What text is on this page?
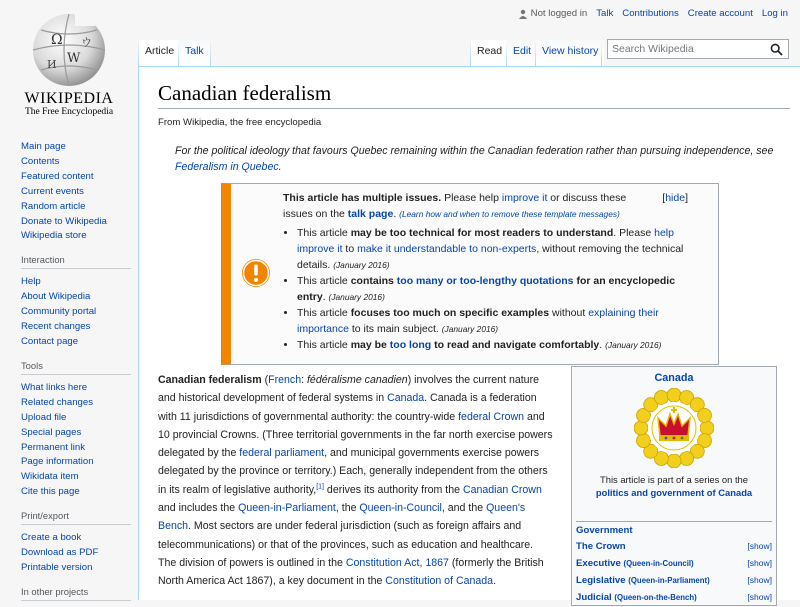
Ω
W
И
ウ
WIKIPEDIA
The Free Encyclopedia
Not logged in Talk Contributions Create account Log in
Article	Talk	Read	Edit	View history	Search Wikipedia
Main page
Contents
Featured content
Current events
Random article
Donate to Wikipedia
Wikipedia store
Interaction
Help
About Wikipedia
Community portal
Recent changes
Contact page
Tools
What links here
Related changes
Upload file
Special pages
Permanent link
Page information
Wikidata item
Cite this page
Print/export
Create a book
Download as PDF
Printable version
In other projects
Canadian federalism
From Wikipedia, the free encyclopedia
For the political ideology that favours Quebec remaining within the Canadian federation rather than pursuing independence, see Federalism in Quebec.
This article has multiple issues. Please help improve it or discuss these issues on the talk page. (Learn how and when to remove these template messages)
[hide]
• This article may be too technical for most readers to understand. Please help improve it to make it understandable to non-experts, without removing the technical details. (January 2016)
• This article contains too many or too-lengthy quotations for an encyclopedic entry. (January 2016)
• This article focuses too much on specific examples without explaining their importance to its main subject. (January 2016)
• This article may be too long to read and navigate comfortably. (January 2016)

Canadian federalism (French: fédéralisme canadien) involves the current nature and historical development of federal systems in Canada. Canada is a federation with 11 jurisdictions of governmental authority: the country-wide federal Crown and 10 provincial Crowns. (Three territorial governments in the far north exercise powers delegated by the federal parliament, and municipal governments exercise powers delegated by the province or territory.) Each, generally independent from the others in its realm of legislative authority,[1] derives its authority from the Canadian Crown and includes the Queen-in-Parliament, the Queen-in-Council, and the Queen's Bench. Most sectors are under federal jurisdiction (such as foreign affairs and telecommunications) or that of the provinces, such as education and healthcare. The division of powers is outlined in the Constitution Act, 1867 (formerly the British North America Act 1867), a key document in the Constitution of Canada.

Canada
This article is part of a series on the
politics and government of Canada
Government
The Crown	[show]
Executive (Queen-in-Council)	[show]
Legislative (Queen-in-Parliament)	[show]
Judicial (Queen-on-the-Bench)	[show]
